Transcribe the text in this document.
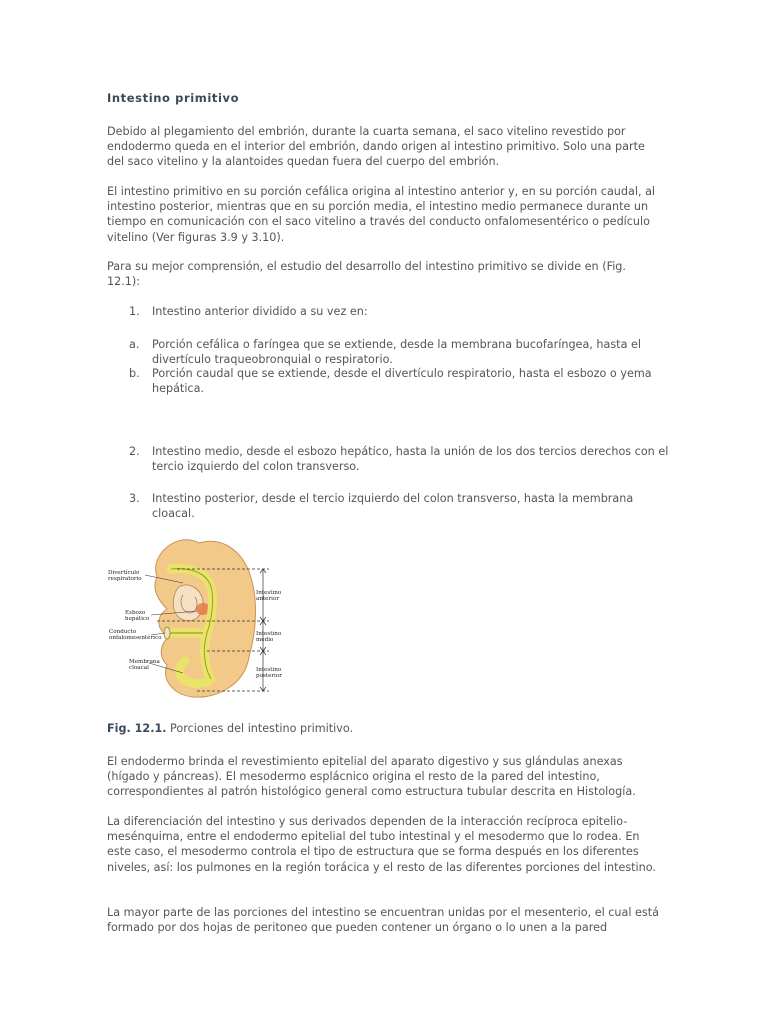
Intestino primitivo

Debido al plegamiento del embrión, durante la cuarta semana, el saco vitelino revestido por endodermo queda en el interior del embrión, dando origen al intestino primitivo. Solo una parte del saco vitelino y la alantoides quedan fuera del cuerpo del embrión.

El intestino primitivo en su porción cefálica origina al intestino anterior y, en su porción caudal, al intestino posterior, mientras que en su porción media, el intestino medio permanece durante un tiempo en comunicación con el saco vitelino a través del conducto onfalomesentérico o pedículo vitelino (Ver figuras 3.9 y 3.10).

Para su mejor comprensión, el estudio del desarrollo del intestino primitivo se divide en (Fig. 12.1):

1. Intestino anterior dividido a su vez en:
a. Porción cefálica o faríngea que se extiende, desde la membrana bucofaríngea, hasta el divertículo traqueobronquial o respiratorio.
b. Porción caudal que se extiende, desde el divertículo respiratorio, hasta el esbozo o yema hepática.
2. Intestino medio, desde el esbozo hepático, hasta la unión de los dos tercios derechos con el tercio izquierdo del colon transverso.
3. Intestino posterior, desde el tercio izquierdo del colon transverso, hasta la membrana cloacal.
Divertículo
respiratorio
Esbozo
hepático
Conducto
onfalomesentérico
Membrana
cloacal
Intestino
anterior
Intestino
medio
Intestino
posterior

Fig. 12.1. Porciones del intestino primitivo.

El endodermo brinda el revestimiento epitelial del aparato digestivo y sus glándulas anexas (hígado y páncreas). El mesodermo esplácnico origina el resto de la pared del intestino, correspondientes al patrón histológico general como estructura tubular descrita en Histología.

La diferenciación del intestino y sus derivados dependen de la interacción recíproca epitelio-mesénquima, entre el endodermo epitelial del tubo intestinal y el mesodermo que lo rodea. En este caso, el mesodermo controla el tipo de estructura que se forma después en los diferentes niveles, así: los pulmones en la región torácica y el resto de las diferentes porciones del intestino.

La mayor parte de las porciones del intestino se encuentran unidas por el mesenterio, el cual está formado por dos hojas de peritoneo que pueden contener un órgano o lo unen a la pared
